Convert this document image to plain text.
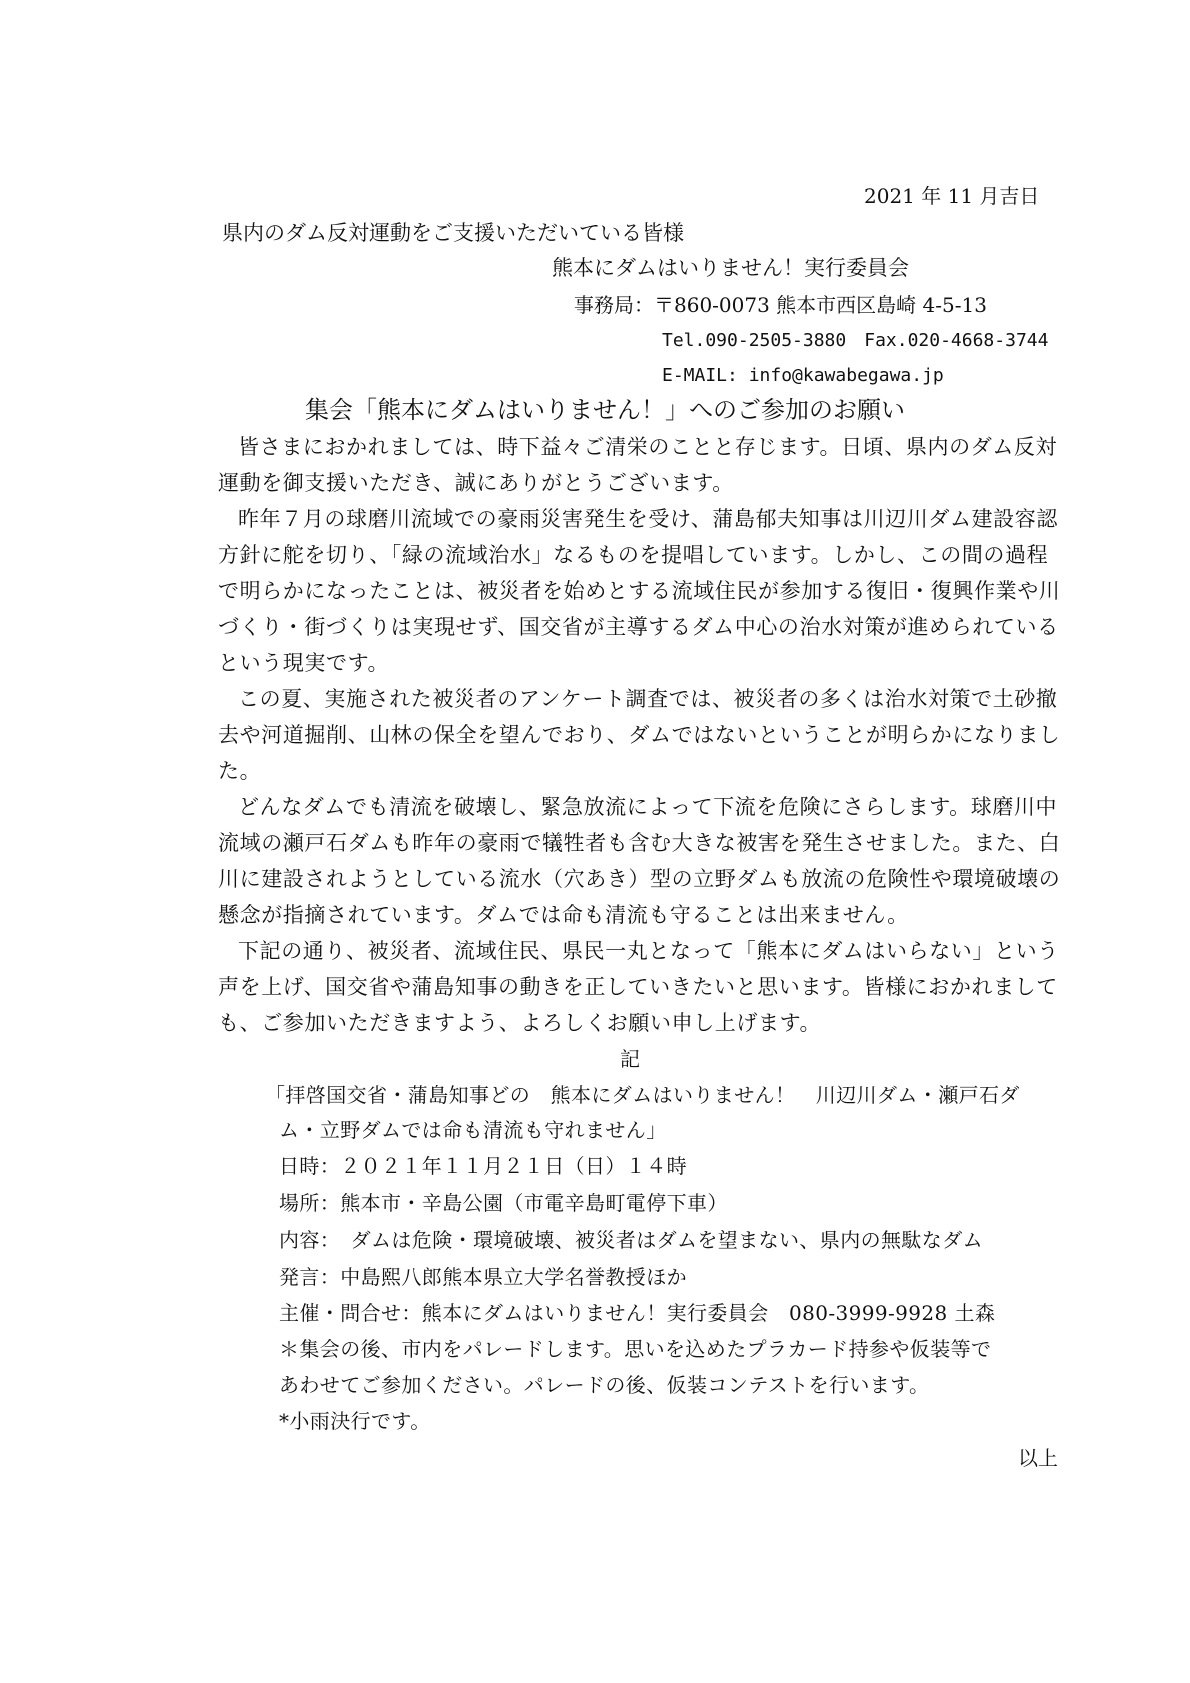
2021 年 11 月吉日
県内のダム反対運動をご支援いただいている皆様
熊本にダムはいりません！実行委員会
事務局：〒860-0073 熊本市西区島崎 4-5-13
Tel.090-2505-3880　Fax.020-4668-3744
E-MAIL: info@kawabegawa.jp
集会「熊本にダムはいりません！」へのご参加のお願い
皆さまにおかれましては、時下益々ご清栄のことと存じます。日頃、県内のダム反対
運動を御支援いただき、誠にありがとうございます。
昨年７月の球磨川流域での豪雨災害発生を受け、蒲島郁夫知事は川辺川ダム建設容認
方針に舵を切り、「緑の流域治水」なるものを提唱しています。しかし、この間の過程
で明らかになったことは、被災者を始めとする流域住民が参加する復旧・復興作業や川
づくり・街づくりは実現せず、国交省が主導するダム中心の治水対策が進められている
という現実です。
この夏、実施された被災者のアンケート調査では、被災者の多くは治水対策で土砂撤
去や河道掘削、山林の保全を望んでおり、ダムではないということが明らかになりまし
た。
どんなダムでも清流を破壊し、緊急放流によって下流を危険にさらします。球磨川中
流域の瀬戸石ダムも昨年の豪雨で犠牲者も含む大きな被害を発生させました。また、白
川に建設されようとしている流水（穴あき）型の立野ダムも放流の危険性や環境破壊の
懸念が指摘されています。ダムでは命も清流も守ることは出来ません。
下記の通り、被災者、流域住民、県民一丸となって「熊本にダムはいらない」という
声を上げ、国交省や蒲島知事の動きを正していきたいと思います。皆様におかれまして
も、ご参加いただきますよう、よろしくお願い申し上げます。
記
「拝啓国交省・蒲島知事どの　熊本にダムはいりません！　川辺川ダム・瀬戸石ダ
ム・立野ダムでは命も清流も守れません」
日時：２０２１年１１月２１日（日）１４時
場所：熊本市・辛島公園（市電辛島町電停下車）
内容：　ダムは危険・環境破壊、被災者はダムを望まない、県内の無駄なダム
発言：中島熙八郎熊本県立大学名誉教授ほか
主催・問合せ：熊本にダムはいりません！実行委員会　080-3999-9928 土森
＊集会の後、市内をパレードします。思いを込めたプラカード持参や仮装等で
あわせてご参加ください。パレードの後、仮装コンテストを行います。
*小雨決行です。
以上
